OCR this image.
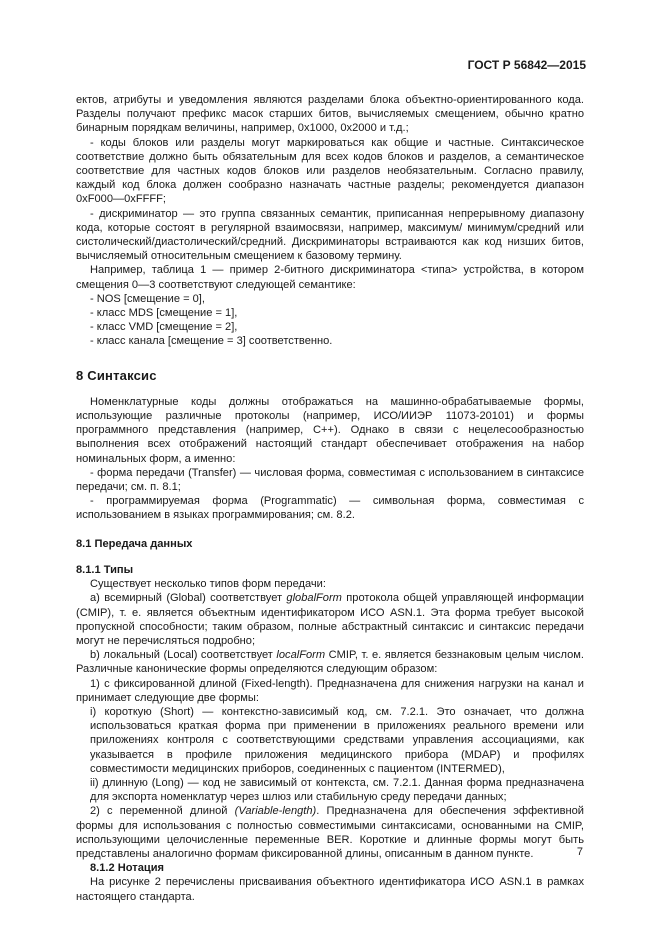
ГОСТ Р 56842—2015

ектов, атрибуты и уведомления являются разделами блока объектно-ориентированного кода. Разделы получают префикс масок старших битов, вычисляемых смещением, обычно кратно бинарным порядкам величины, например, 0x1000, 0x2000 и т.д.;

- коды блоков или разделы могут маркироваться как общие и частные. Синтаксическое соответствие должно быть обязательным для всех кодов блоков и разделов, а семантическое соответствие для частных кодов блоков или разделов необязательным. Согласно правилу, каждый код блока должен сообразно назначать частные разделы; рекомендуется диапазон 0xF000—0xFFFF;

- дискриминатор — это группа связанных семантик, приписанная непрерывному диапазону кода, которые состоят в регулярной взаимосвязи, например, максимум/ минимум/средний или систолический/диастолический/средний. Дискриминаторы встраиваются как код низших битов, вычисляемый относительным смещением к базовому термину.

Например, таблица 1 — пример 2-битного дискриминатора <типа> устройства, в котором смещения 0—3 соответствуют следующей семантике:

- NOS [смещение = 0],

- класс MDS [смещение = 1],

- класс VMD [смещение = 2],

- класс канала [смещение = 3] соответственно.

8 Синтаксис

Номенклатурные коды должны отображаться на машинно-обрабатываемые формы, использующие различные протоколы (например, ИСО/ИИЭР 11073-20101) и формы программного представления (например, C++). Однако в связи с нецелесообразностью выполнения всех отображений настоящий стандарт обеспечивает отображения на набор номинальных форм, а именно:

- форма передачи (Transfer) — числовая форма, совместимая с использованием в синтаксисе передачи; см. п. 8.1;

- программируемая форма (Programmatic) — символьная форма, совместимая с использованием в языках программирования; см. 8.2.

8.1 Передача данных
8.1.1 Типы

Существует несколько типов форм передачи:

а) всемирный (Global) соответствует globalForm протокола общей управляющей информации (CMIP), т. е. является объектным идентификатором ИСО ASN.1. Эта форма требует высокой пропускной способности; таким образом, полные абстрактный синтаксис и синтаксис передачи могут не перечисляться подробно;

b) локальный (Local) соответствует localForm CMIP, т. е. является беззнаковым целым числом. Различные канонические формы определяются следующим образом:

1) с фиксированной длиной (Fixed-length). Предназначена для снижения нагрузки на канал и принимает следующие две формы:

i) короткую (Short) — контекстно-зависимый код, см. 7.2.1. Это означает, что должна использоваться краткая форма при применении в приложениях реального времени или приложениях контроля с соответствующими средствами управления ассоциациями, как указывается в профиле приложения медицинского прибора (MDAP) и профилях совместимости медицинских приборов, соединенных с пациентом (INTERMED),

ii) длинную (Long) — код не зависимый от контекста, см. 7.2.1. Данная форма предназначена для экспорта номенклатур через шлюз или стабильную среду передачи данных;

2) с переменной длиной (Variable-length). Предназначена для обеспечения эффективной формы для использования с полностью совместимыми синтаксисами, основанными на CMIP, использующими целочисленные переменные BER. Короткие и длинные формы могут быть представлены аналогично формам фиксированной длины, описанным в данном пункте.

8.1.2 Нотация

На рисунке 2 перечислены присваивания объектного идентификатора ИСО ASN.1 в рамках настоящего стандарта.

7
